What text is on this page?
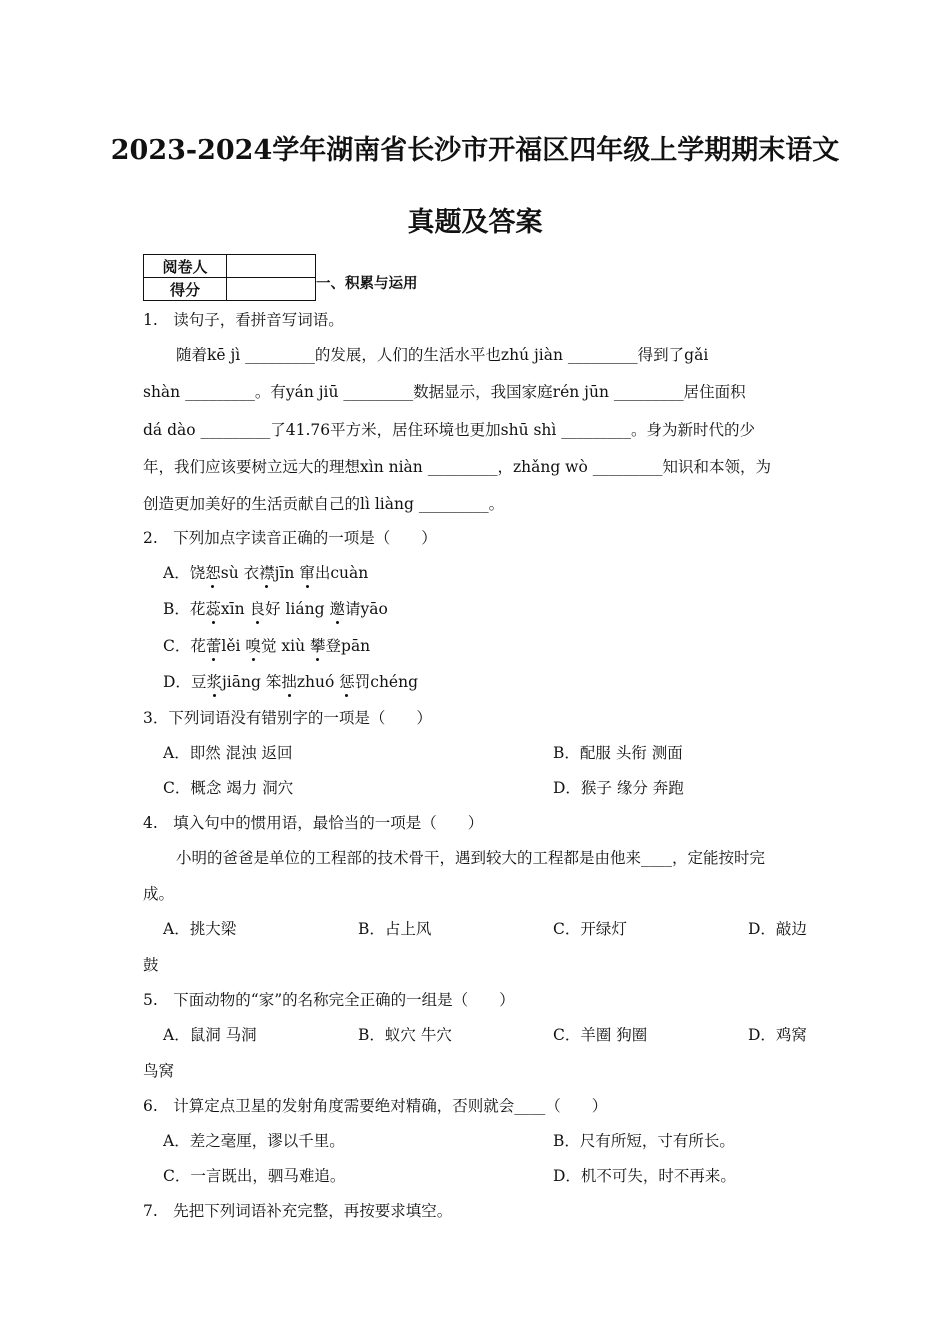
2023-2024学年湖南省长沙市开福区四年级上学期期末语文
真题及答案
阅卷人	
得分		一、积累与运用
1.　读句子，看拼音写词语。
随着kē jì _________的发展，人们的生活水平也zhú jiàn _________得到了gǎi
shàn _________。有yán jiū _________数据显示，我国家庭rén jūn _________居住面积
dá dào _________了41.76平方米，居住环境也更加shū shì _________。身为新时代的少
年，我们应该要树立远大的理想xìn niàn _________，zhǎng wò _________知识和本领，为
创造更加美好的生活贡献自己的lì liàng _________。
2.　下列加点字读音正确的一项是（　　）
A．饶恕sù 衣襟jīn 窜出cuàn
B．花蕊xīn 良好 liáng 邀请yāo
C．花蕾lěi 嗅觉 xiù 攀登pān
D．豆浆jiāng 笨拙zhuó 惩罚chéng
3．下列词语没有错别字的一项是（　　）
A．即然 混浊 返回	B．配服 头衔 测面
C．概念 竭力 洞穴	D．猴子 缘分 奔跑
4.　填入句中的惯用语，最恰当的一项是（　　）
小明的爸爸是单位的工程部的技术骨干，遇到较大的工程都是由他来____，定能按时完
成。
A．挑大梁	B．占上风	C．开绿灯	D．敲边
鼓
5.　下面动物的“家”的名称完全正确的一组是（　　）
A．鼠洞 马洞	B．蚁穴 牛穴	C．羊圈 狗圈	D．鸡窝
鸟窝
6.　计算定点卫星的发射角度需要绝对精确，否则就会____（　　）
A．差之毫厘，谬以千里。	B．尺有所短，寸有所长。
C．一言既出，驷马难追。	D．机不可失，时不再来。
7.　先把下列词语补充完整，再按要求填空。
